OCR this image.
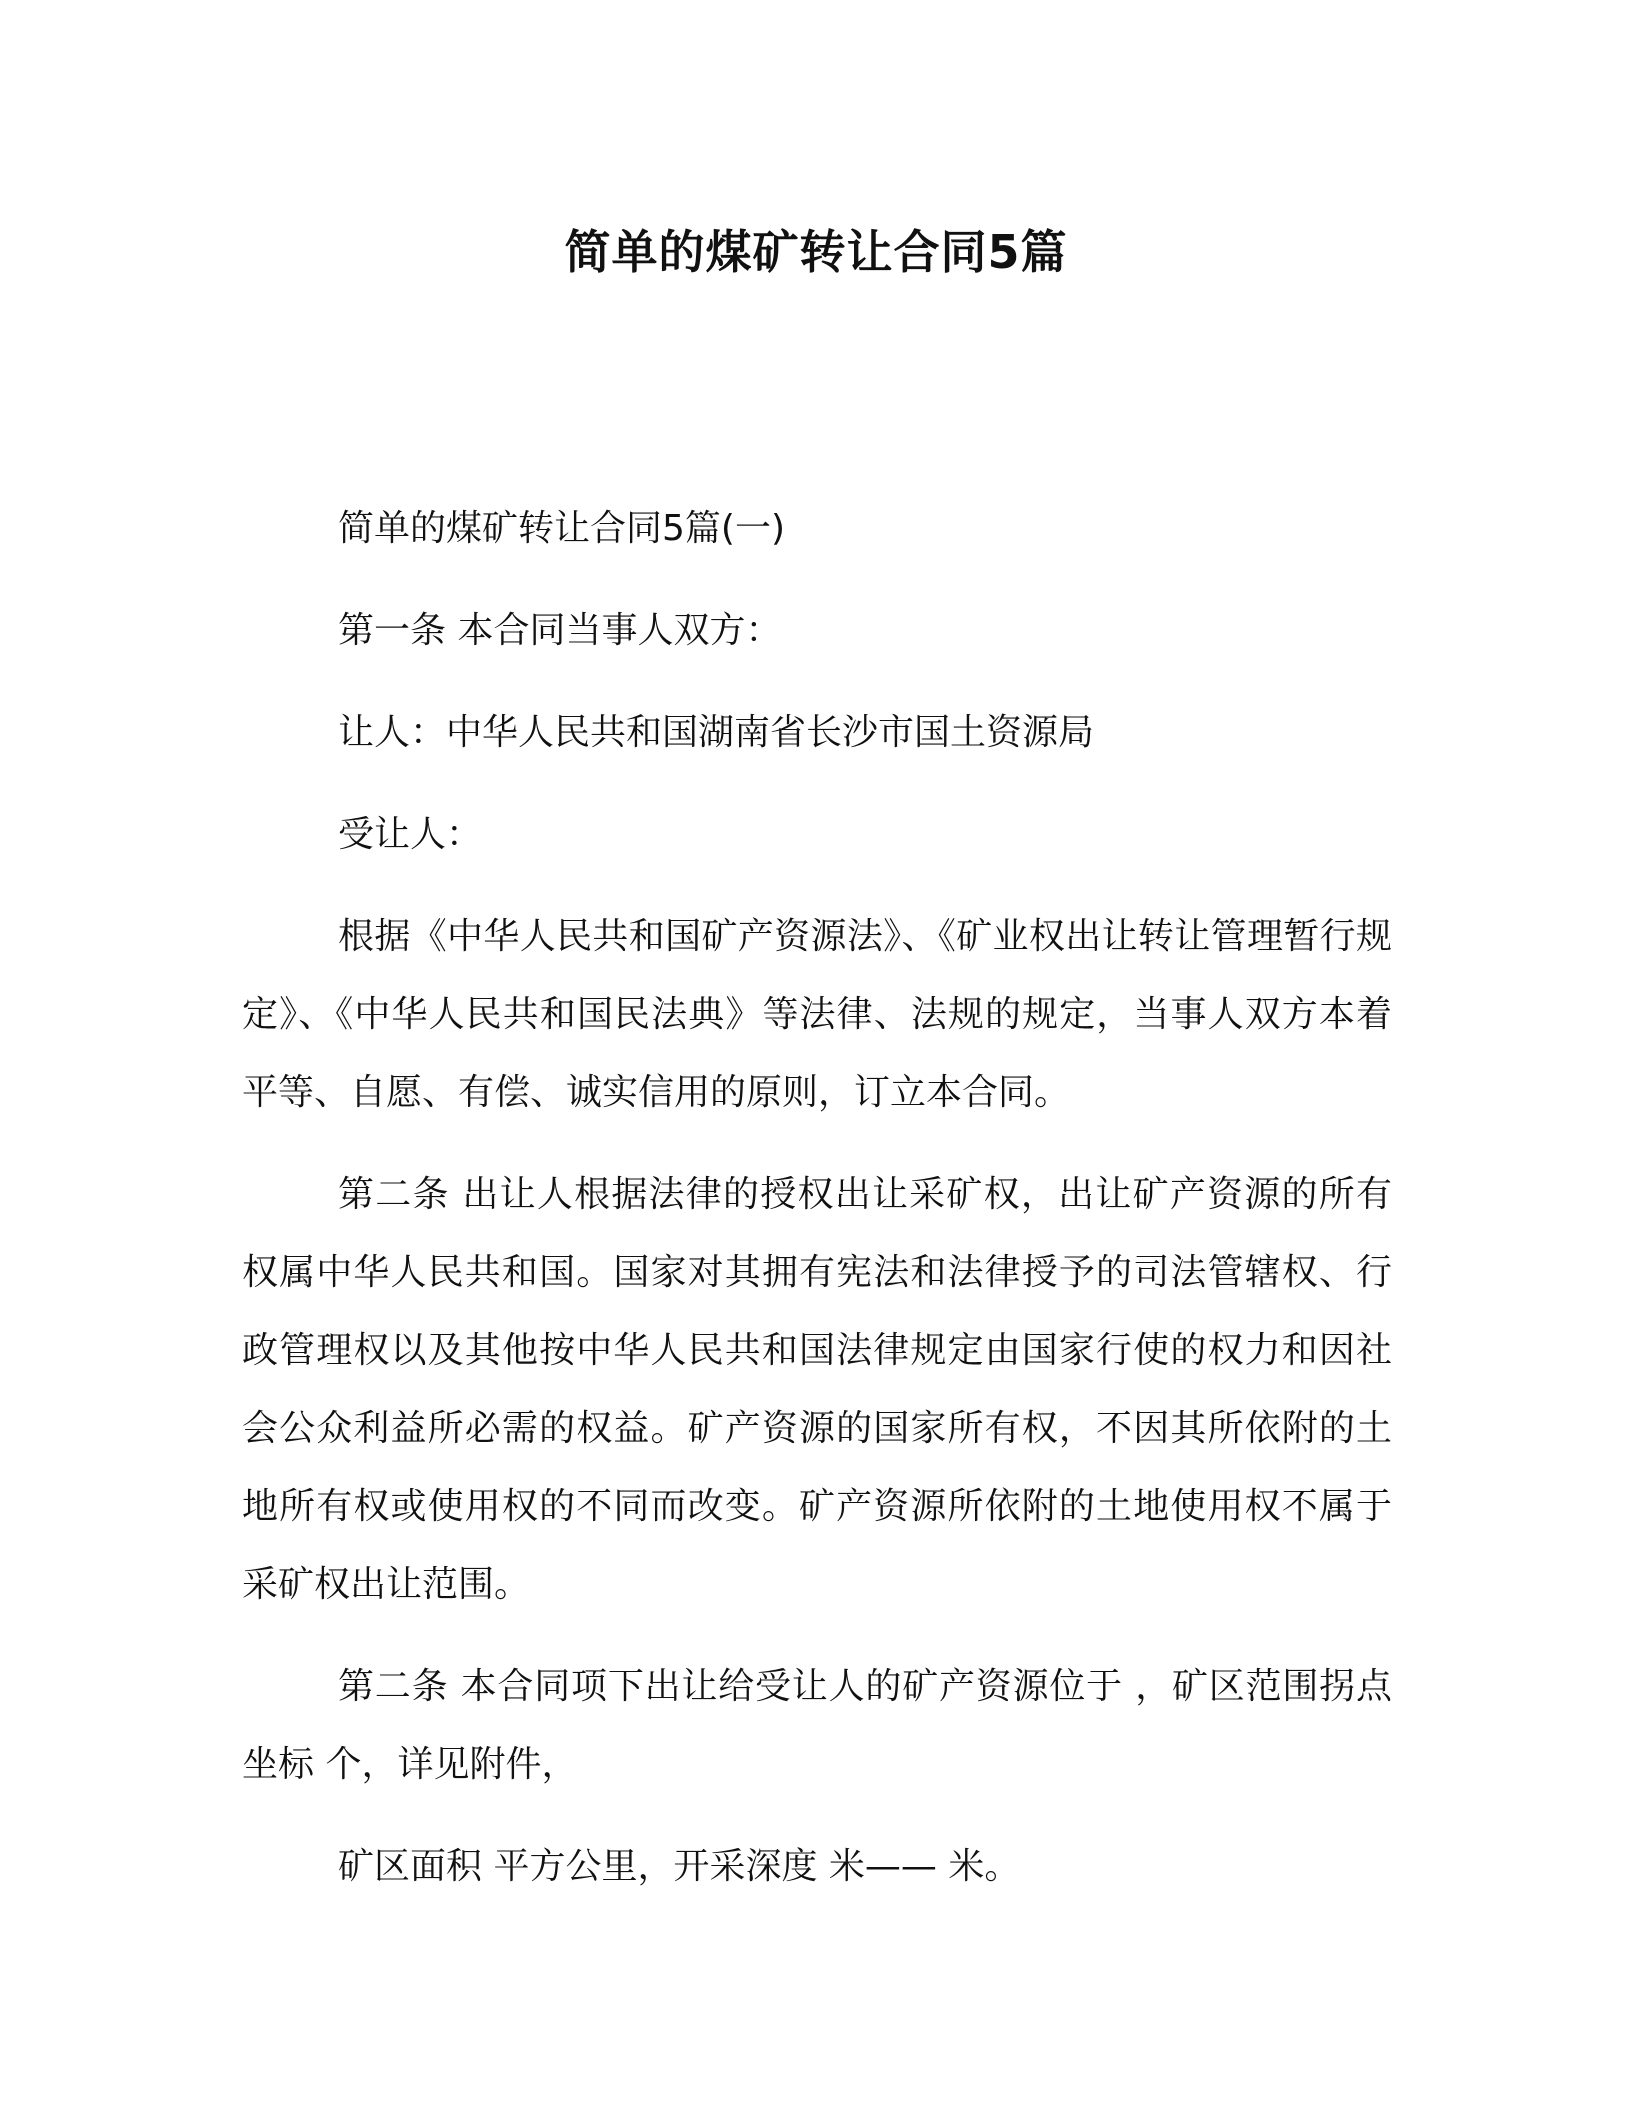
简单的煤矿转让合同5篇

简单的煤矿转让合同5篇(一)

第一条 本合同当事人双方：

让人：中华人民共和国湖南省长沙市国土资源局

受让人：

根据《中华人民共和国矿产资源法》、《矿业权出让转让管理暂行规定》、《中华人民共和国民法典》等法律、法规的规定，当事人双方本着平等、自愿、有偿、诚实信用的原则，订立本合同。

第二条 出让人根据法律的授权出让采矿权，出让矿产资源的所有权属中华人民共和国。国家对其拥有宪法和法律授予的司法管辖权、行政管理权以及其他按中华人民共和国法律规定由国家行使的权力和因社会公众利益所必需的权益。矿产资源的国家所有权，不因其所依附的土地所有权或使用权的不同而改变。矿产资源所依附的土地使用权不属于采矿权出让范围。

第二条 本合同项下出让给受让人的矿产资源位于 ，矿区范围拐点坐标 个，详见附件，

矿区面积 平方公里，开采深度 米—— 米。
